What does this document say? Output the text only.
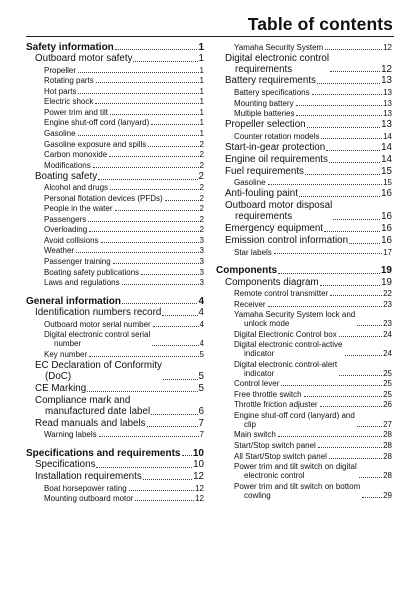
Table of contents
Safety information	1
Outboard motor safety	1
Propeller	1
Rotating parts	1
Hot parts	1
Electric shock	1
Power trim and tilt	1
Engine shut-off cord (lanyard)	1
Gasoline	1
Gasoline exposure and spills	2
Carbon monoxide	2
Modifications	2
Boating safety	2
Alcohol and drugs	2
Personal flotation devices (PFDs)	2
People in the water	2
Passengers	2
Overloading	2
Avoid collisions	3
Weather	3
Passenger training	3
Boating safety publications	3
Laws and regulations	3
General information	4
Identification numbers record	4
Outboard motor serial number	4
Digital electronic control serial
number	4
Key number	5
EC Declaration of Conformity
(DoC)	5
CE Marking	5
Compliance mark and
manufactured date label	6
Read manuals and labels	7
Warning labels	7
Specifications and requirements 10
Specifications	10
Installation requirements	12
Boat horsepower rating	12
Mounting outboard motor	12
Yamaha Security System	12
Digital electronic control
requirements	12
Battery requirements	13
Battery specifications	13
Mounting battery	13
Multiple batteries	13
Propeller selection	13
Counter rotation models	14
Start-in-gear protection	14
Engine oil requirements	14
Fuel requirements	15
Gasoline	15
Anti-fouling paint	16
Outboard motor disposal
requirements	16
Emergency equipment	16
Emission control information	16
Star labels	17
Components	19
Components diagram	19
Remote control transmitter	22
Receiver	23
Yamaha Security System lock and
unlock mode	23
Digital Electronic Control box	24
Digital electronic control-active
indicator	24
Digital electronic control-alert
indicator	25
Control lever	25
Free throttle switch	25
Throttle friction adjuster	26
Engine shut-off cord (lanyard) and
clip	27
Main switch	28
Start/Stop switch panel	28
All Start/Stop switch panel	28
Power trim and tilt switch on digital
electronic control	28
Power trim and tilt switch on bottom
cowling	29
